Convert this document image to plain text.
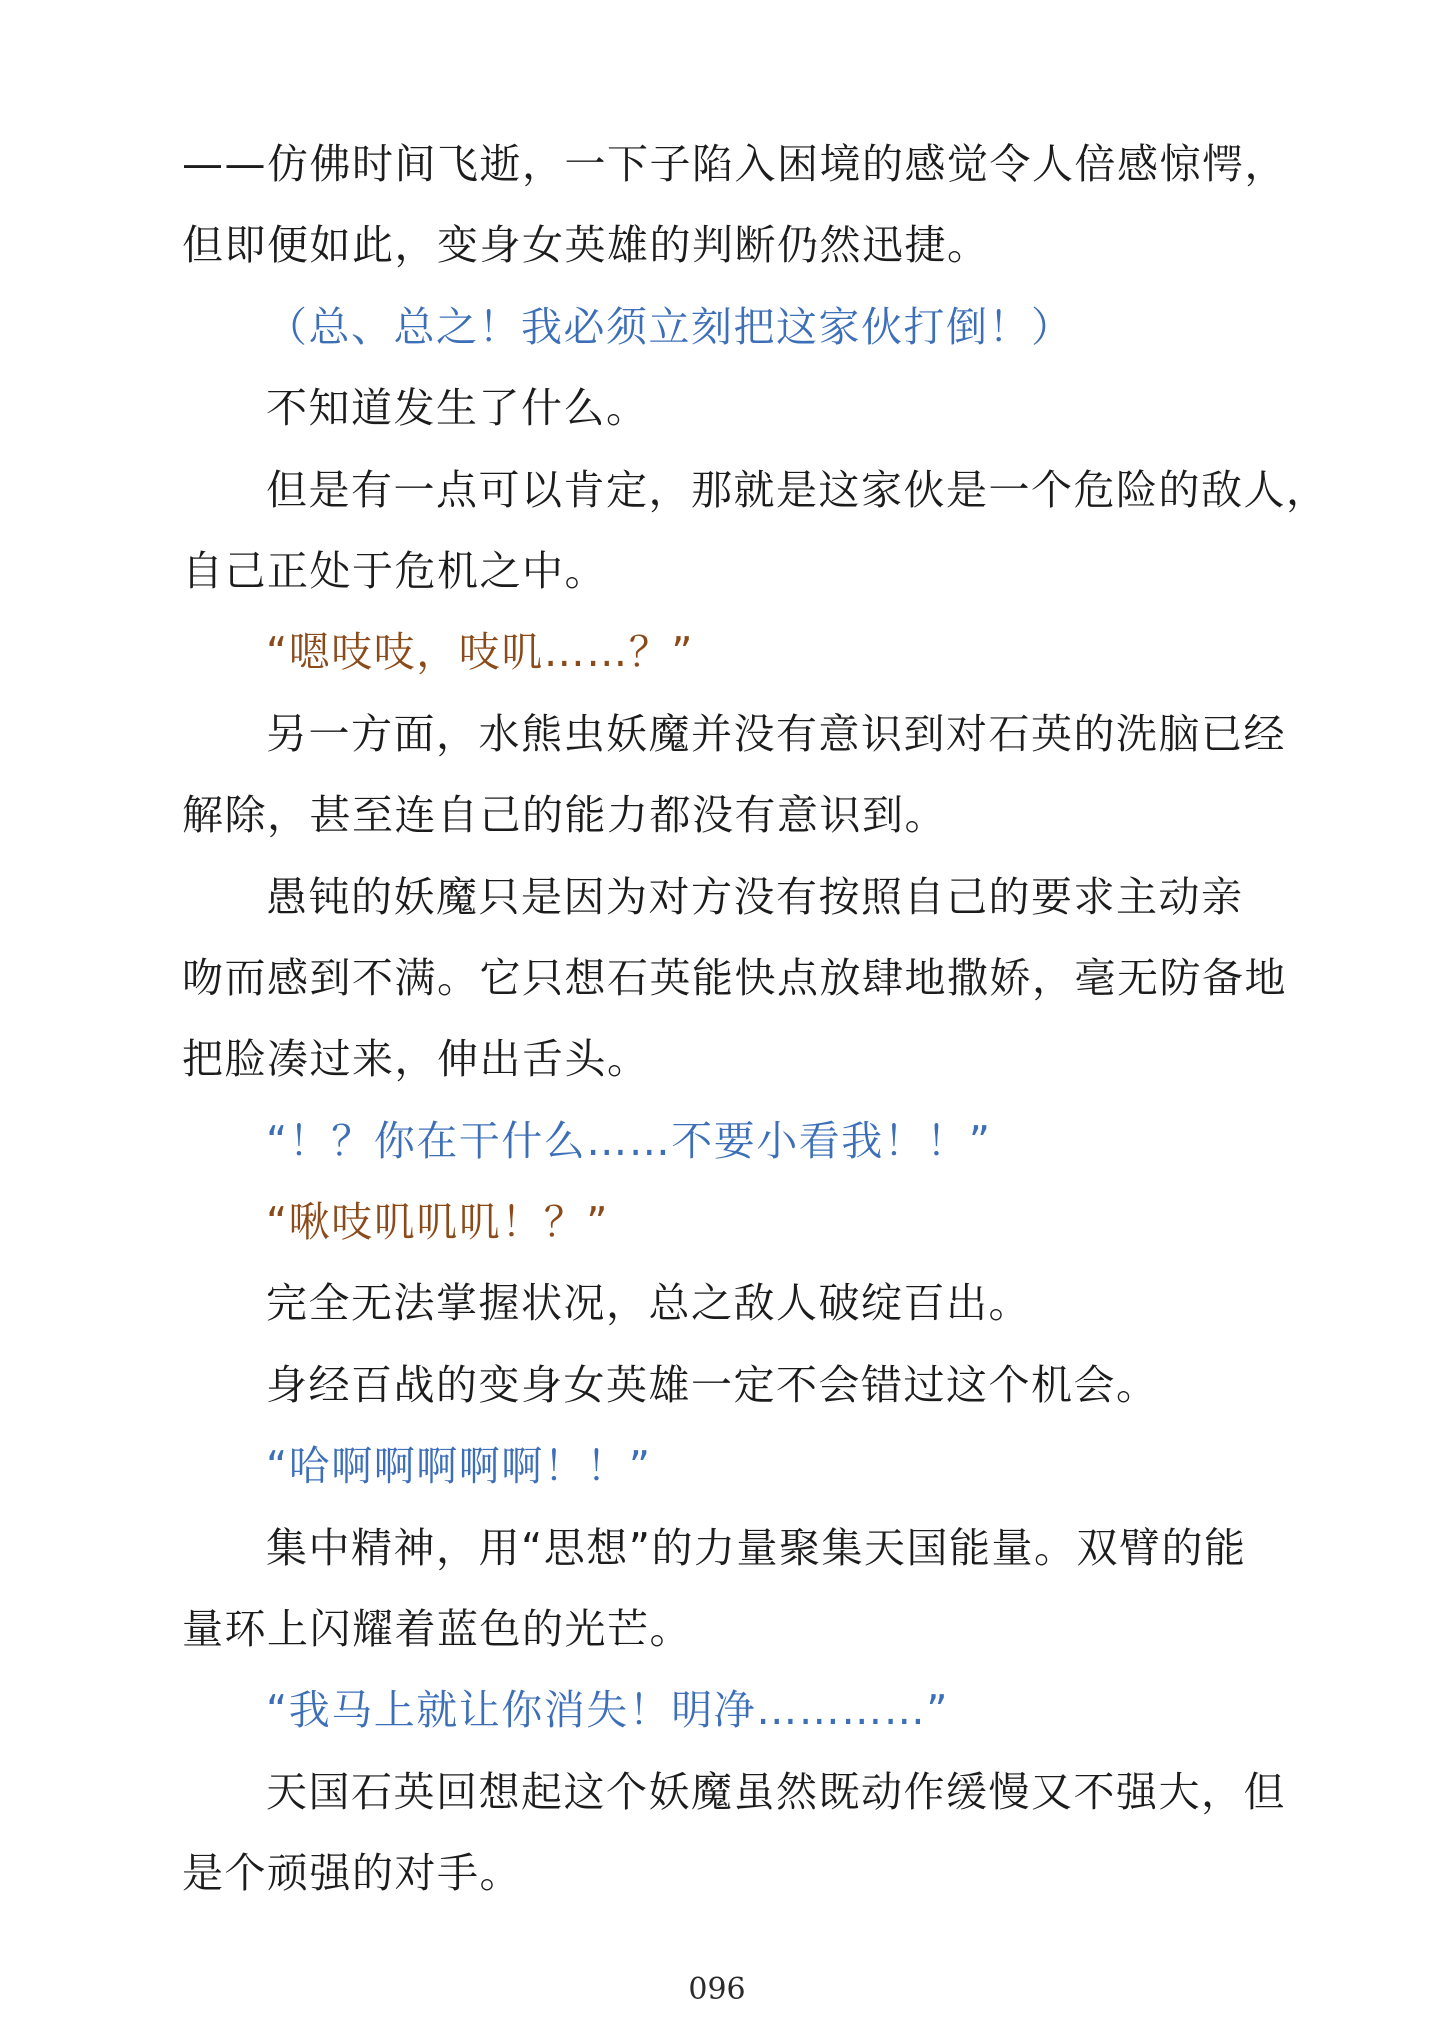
——仿佛时间飞逝，一下子陷入困境的感觉令人倍感惊愕，
但即便如此，变身女英雄的判断仍然迅捷。
（总、总之！我必须立刻把这家伙打倒！）
不知道发生了什么。
但是有一点可以肯定，那就是这家伙是一个危险的敌人，
自己正处于危机之中。
“嗯吱吱，吱叽……？”
另一方面，水熊虫妖魔并没有意识到对石英的洗脑已经
解除，甚至连自己的能力都没有意识到。
愚钝的妖魔只是因为对方没有按照自己的要求主动亲
吻而感到不满。它只想石英能快点放肆地撒娇，毫无防备地
把脸凑过来，伸出舌头。
“！？你在干什么……不要小看我！！”
“啾吱叽叽叽！？”
完全无法掌握状况，总之敌人破绽百出。
身经百战的变身女英雄一定不会错过这个机会。
“哈啊啊啊啊啊！！”
集中精神，用“思想”的力量聚集天国能量。双臂的能
量环上闪耀着蓝色的光芒。
“我马上就让你消失！明净…………”
天国石英回想起这个妖魔虽然既动作缓慢又不强大，但
是个顽强的对手。
096
